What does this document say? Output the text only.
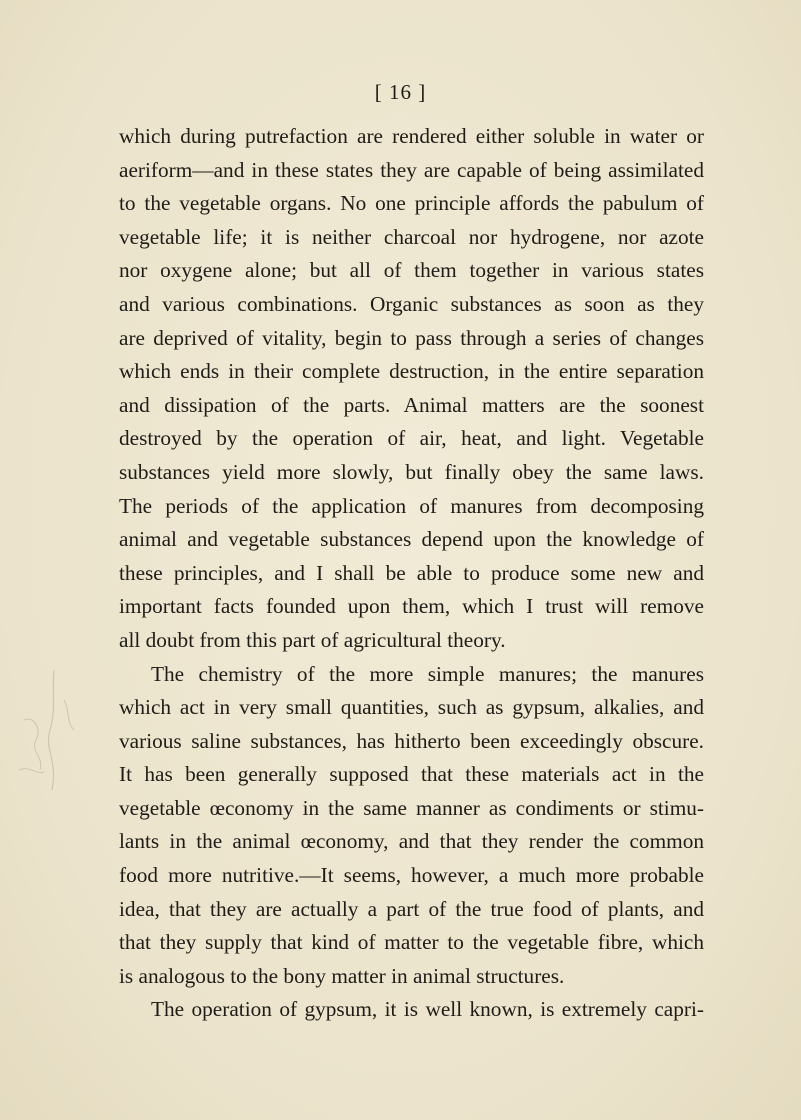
[ 16 ]
which during putrefaction are rendered either soluble in water or
aeriform—and in these states they are capable of being assimilated
to the vegetable organs. No one principle affords the pabulum of
vegetable life; it is neither charcoal nor hydrogene, nor azote
nor oxygene alone; but all of them together in various states
and various combinations. Organic substances as soon as they
are deprived of vitality, begin to pass through a series of changes
which ends in their complete destruction, in the entire separation
and dissipation of the parts. Animal matters are the soonest
destroyed by the operation of air, heat, and light. Vegetable
substances yield more slowly, but finally obey the same laws.
The periods of the application of manures from decomposing
animal and vegetable substances depend upon the knowledge of
these principles, and I shall be able to produce some new and
important facts founded upon them, which I trust will remove
all doubt from this part of agricultural theory.
The chemistry of the more simple manures; the manures
which act in very small quantities, such as gypsum, alkalies, and
various saline substances, has hitherto been exceedingly obscure.
It has been generally supposed that these materials act in the
vegetable œconomy in the same manner as condiments or stimu-
lants in the animal œconomy, and that they render the common
food more nutritive.—It seems, however, a much more probable
idea, that they are actually a part of the true food of plants, and
that they supply that kind of matter to the vegetable fibre, which
is analogous to the bony matter in animal structures.
The operation of gypsum, it is well known, is extremely capri-
